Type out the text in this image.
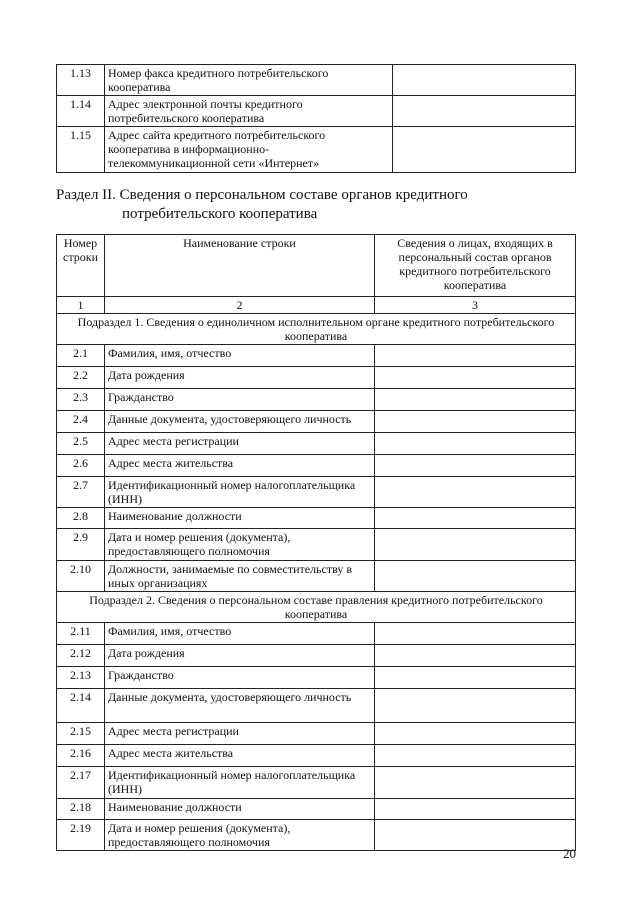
1.13	Номер факса кредитного потребительского кооператива	
1.14	Адрес электронной почты кредитного потребительского кооператива	
1.15	Адрес сайта кредитного потребительского кооператива в информационно-телекоммуникационной сети «Интернет»	
Раздел II. Сведения о персональном составе органов кредитного
потребительского кооператива
Номер строки	Наименование строки	Сведения о лицах, входящих в персональный состав органов кредитного потребительского кооператива
1	2	3
Подраздел 1. Сведения о единоличном исполнительном органе кредитного потребительского кооператива		
2.1	Фамилия, имя, отчество	
2.2	Дата рождения	
2.3	Гражданство	
2.4	Данные документа, удостоверяющего личность	
2.5	Адрес места регистрации	
2.6	Адрес места жительства	
2.7	Идентификационный номер налогоплательщика (ИНН)	
2.8	Наименование должности	
2.9	Дата и номер решения (документа), предоставляющего полномочия	
2.10	Должности, занимаемые по совместительству в иных организациях	
Подраздел 2. Сведения о персональном составе правления кредитного потребительского кооператива		
2.11	Фамилия, имя, отчество	
2.12	Дата рождения	
2.13	Гражданство	
2.14	Данные документа, удостоверяющего личность	
2.15	Адрес места регистрации	
2.16	Адрес места жительства	
2.17	Идентификационный номер налогоплательщика (ИНН)	
2.18	Наименование должности	
2.19	Дата и номер решения (документа), предоставляющего полномочия	
20
